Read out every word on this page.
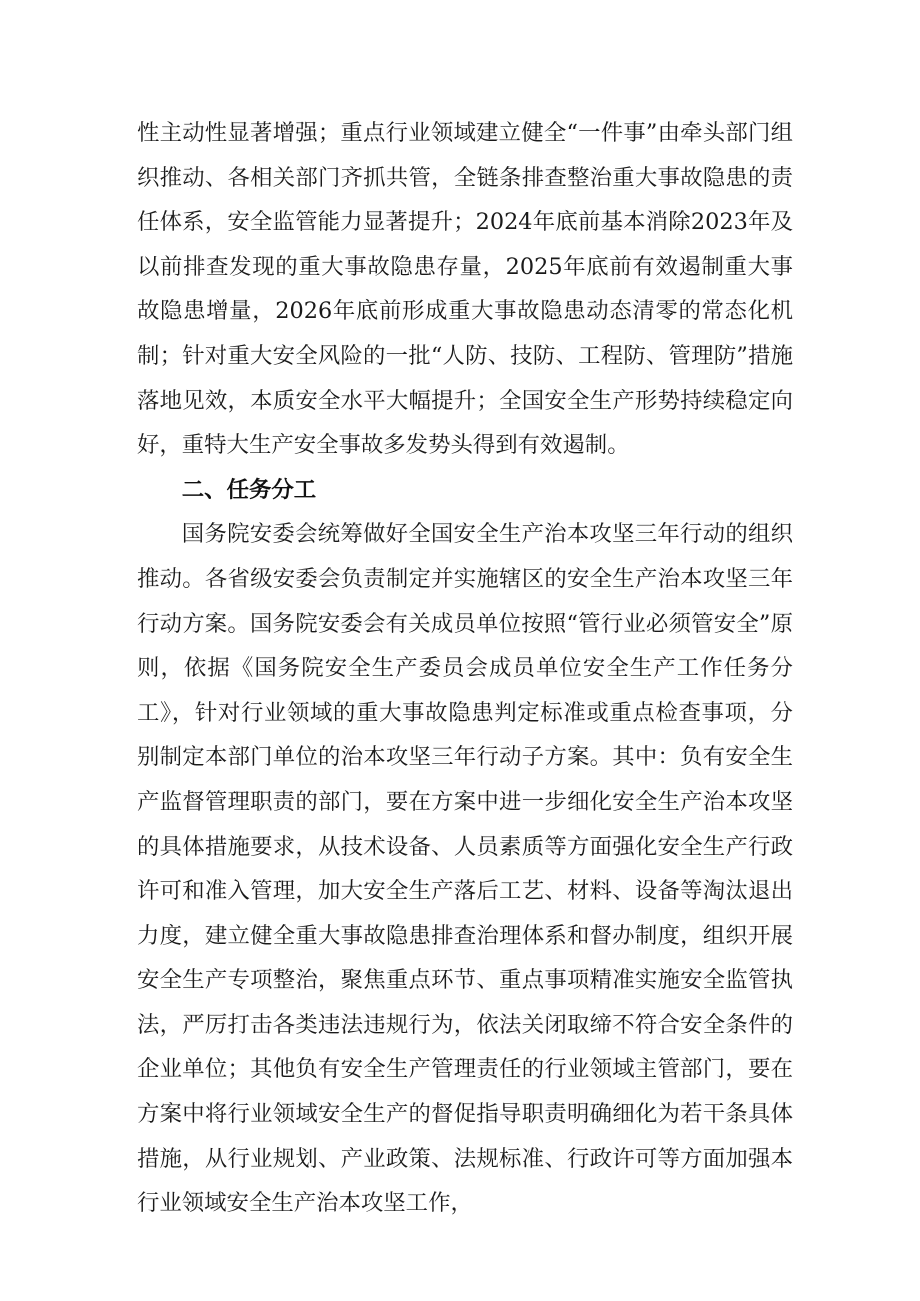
性主动性显著增强；重点行业领域建立健全“一件事”由牵头部门组织推动、各相关部门齐抓共管，全链条排查整治重大事故隐患的责任体系，安全监管能力显著提升；2024年底前基本消除2023年及以前排查发现的重大事故隐患存量，2025年底前有效遏制重大事故隐患增量，2026年底前形成重大事故隐患动态清零的常态化机制；针对重大安全风险的一批“人防、技防、工程防、管理防”措施落地见效，本质安全水平大幅提升；全国安全生产形势持续稳定向好，重特大生产安全事故多发势头得到有效遏制。

二、任务分工

国务院安委会统筹做好全国安全生产治本攻坚三年行动的组织推动。各省级安委会负责制定并实施辖区的安全生产治本攻坚三年行动方案。国务院安委会有关成员单位按照“管行业必须管安全”原则，依据《国务院安全生产委员会成员单位安全生产工作任务分工》，针对行业领域的重大事故隐患判定标准或重点检查事项，分别制定本部门单位的治本攻坚三年行动子方案。其中：负有安全生产监督管理职责的部门，要在方案中进一步细化安全生产治本攻坚的具体措施要求，从技术设备、人员素质等方面强化安全生产行政许可和准入管理，加大安全生产落后工艺、材料、设备等淘汰退出力度，建立健全重大事故隐患排查治理体系和督办制度，组织开展安全生产专项整治，聚焦重点环节、重点事项精准实施安全监管执法，严厉打击各类违法违规行为，依法关闭取缔不符合安全条件的企业单位；其他负有安全生产管理责任的行业领域主管部门，要在方案中将行业领域安全生产的督促指导职责明确细化为若干条具体措施，从行业规划、产业政策、法规标准、行政许可等方面加强本行业领域安全生产治本攻坚工作，
